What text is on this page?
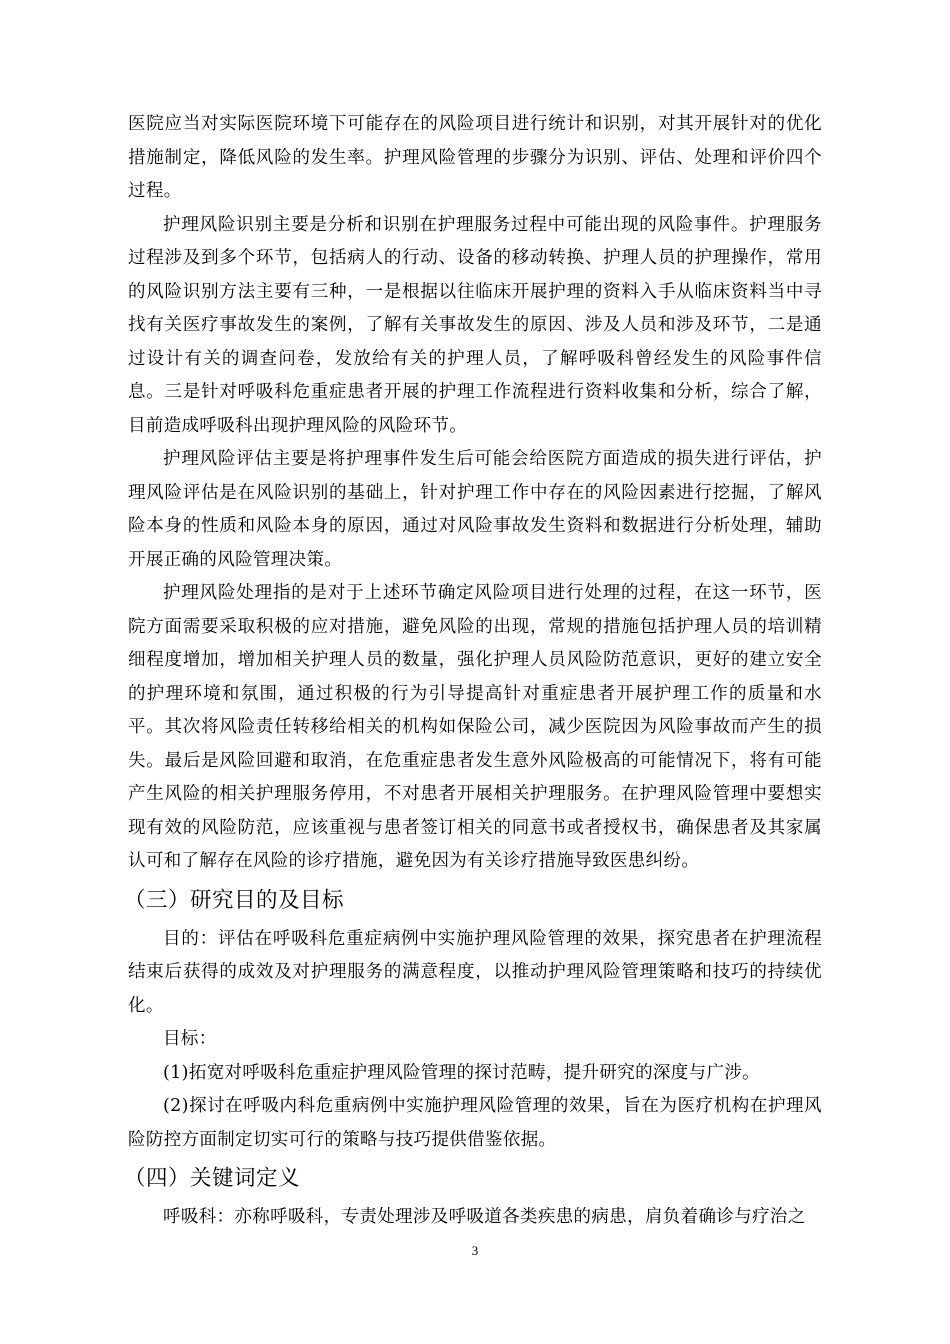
医院应当对实际医院环境下可能存在的风险项目进行统计和识别，对其开展针对的优化措施制定，降低风险的发生率。护理风险管理的步骤分为识别、评估、处理和评价四个过程。

护理风险识别主要是分析和识别在护理服务过程中可能出现的风险事件。护理服务过程涉及到多个环节，包括病人的行动、设备的移动转换、护理人员的护理操作，常用的风险识别方法主要有三种，一是根据以往临床开展护理的资料入手从临床资料当中寻找有关医疗事故发生的案例，了解有关事故发生的原因、涉及人员和涉及环节，二是通过设计有关的调查问卷，发放给有关的护理人员，了解呼吸科曾经发生的风险事件信息。三是针对呼吸科危重症患者开展的护理工作流程进行资料收集和分析，综合了解，目前造成呼吸科出现护理风险的风险环节。

护理风险评估主要是将护理事件发生后可能会给医院方面造成的损失进行评估，护理风险评估是在风险识别的基础上，针对护理工作中存在的风险因素进行挖掘，了解风险本身的性质和风险本身的原因，通过对风险事故发生资料和数据进行分析处理，辅助开展正确的风险管理决策。

护理风险处理指的是对于上述环节确定风险项目进行处理的过程，在这一环节，医院方面需要采取积极的应对措施，避免风险的出现，常规的措施包括护理人员的培训精细程度增加，增加相关护理人员的数量，强化护理人员风险防范意识，更好的建立安全的护理环境和氛围，通过积极的行为引导提高针对重症患者开展护理工作的质量和水平。其次将风险责任转移给相关的机构如保险公司，减少医院因为风险事故而产生的损失。最后是风险回避和取消，在危重症患者发生意外风险极高的可能情况下，将有可能产生风险的相关护理服务停用，不对患者开展相关护理服务。在护理风险管理中要想实现有效的风险防范，应该重视与患者签订相关的同意书或者授权书，确保患者及其家属认可和了解存在风险的诊疗措施，避免因为有关诊疗措施导致医患纠纷。

（三）研究目的及目标

目的：评估在呼吸科危重症病例中实施护理风险管理的效果，探究患者在护理流程结束后获得的成效及对护理服务的满意程度，以推动护理风险管理策略和技巧的持续优化。

目标：

(1)拓宽对呼吸科危重症护理风险管理的探讨范畴，提升研究的深度与广涉。

(2)探讨在呼吸内科危重病例中实施护理风险管理的效果，旨在为医疗机构在护理风险防控方面制定切实可行的策略与技巧提供借鉴依据。

（四）关键词定义

呼吸科：亦称呼吸科，专责处理涉及呼吸道各类疾患的病患，肩负着确诊与疗治之

3
